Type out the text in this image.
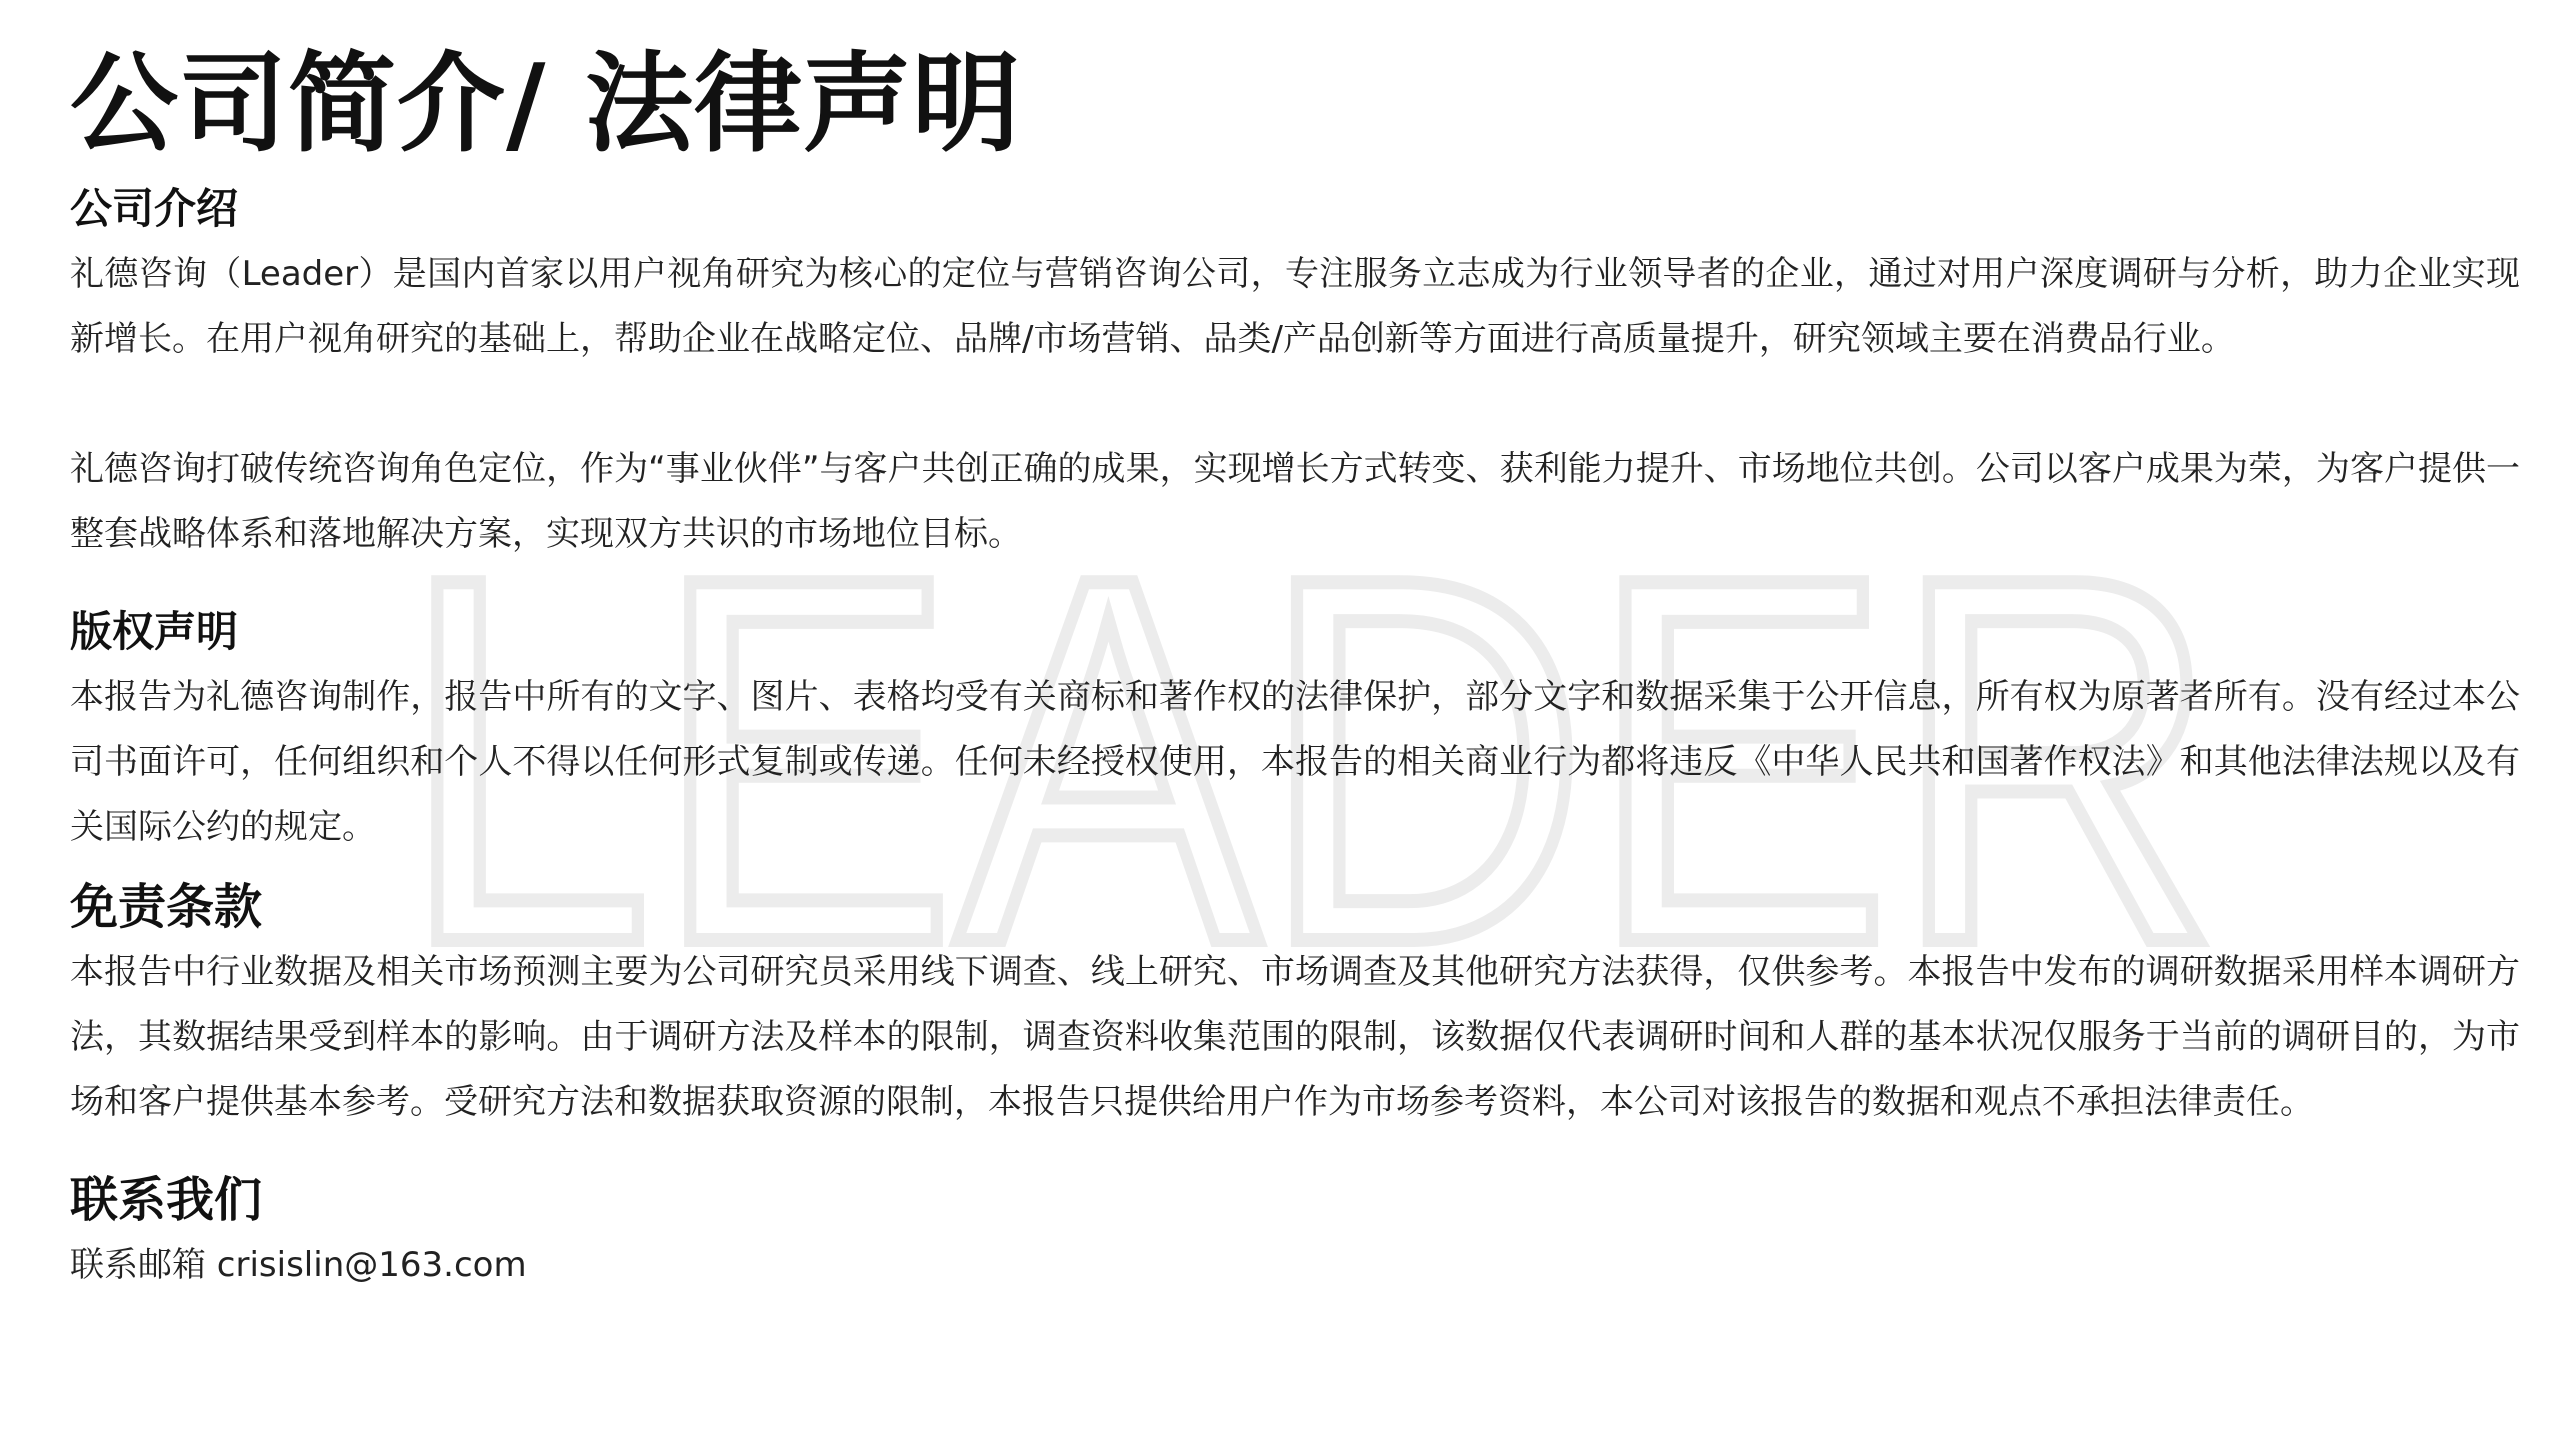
LEADER
公司简介/ 法律声明
公司介绍

礼德咨询（Leader）是国内首家以用户视角研究为核心的定位与营销咨询公司，专注服务立志成为行业领导者的企业，通过对用户深度调研与分析，助力企业实现新增长。在用户视角研究的基础上，帮助企业在战略定位、品牌/市场营销、品类/产品创新等方面进行高质量提升，研究领域主要在消费品行业。

礼德咨询打破传统咨询角色定位，作为“事业伙伴”与客户共创正确的成果，实现增长方式转变、获利能力提升、市场地位共创。公司以客户成果为荣，为客户提供一整套战略体系和落地解决方案，实现双方共识的市场地位目标。

版权声明

本报告为礼德咨询制作，报告中所有的文字、图片、表格均受有关商标和著作权的法律保护，部分文字和数据采集于公开信息，所有权为原著者所有。没有经过本公司书面许可，任何组织和个人不得以任何形式复制或传递。任何未经授权使用，本报告的相关商业行为都将违反《中华人民共和国著作权法》和其他法律法规以及有关国际公约的规定。

免责条款

本报告中行业数据及相关市场预测主要为公司研究员采用线下调查、线上研究、市场调查及其他研究方法获得，仅供参考。本报告中发布的调研数据采用样本调研方法，其数据结果受到样本的影响。由于调研方法及样本的限制，调查资料收集范围的限制，该数据仅代表调研时间和人群的基本状况仅服务于当前的调研目的，为市场和客户提供基本参考。受研究方法和数据获取资源的限制，本报告只提供给用户作为市场参考资料，本公司对该报告的数据和观点不承担法律责任。

联系我们

联系邮箱 crisislin@163.com
